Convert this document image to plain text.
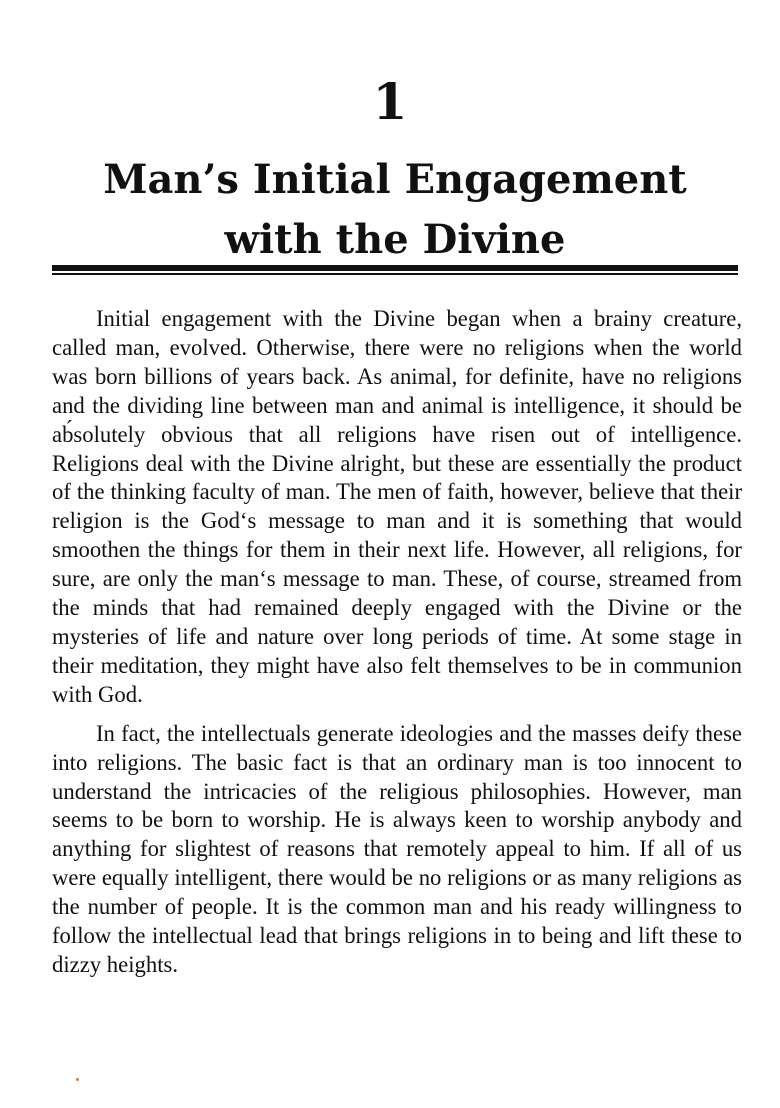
1
Man’s Initial Engagement
with the Divine

Initial engagement with the Divine began when a brainy creature, called man, evolved. Otherwise, there were no religions when the world was born billions of years back. As animal, for definite, have no religions and the dividing line between man and animal is intelligence, it should be ab́solutely obvious that all religions have risen out of intelligence. Religions deal with the Divine alright, but these are essentially the product of the thinking faculty of man. The men of faith, however, believe that their religion is the God‘s message to man and it is something that would smoothen the things for them in their next life. However, all religions, for sure, are only the man‘s message to man. These, of course, streamed from the minds that had remained deeply engaged with the Divine or the mysteries of life and nature over long periods of time. At some stage in their meditation, they might have also felt themselves to be in communion with God.

In fact, the intellectuals generate ideologies and the masses deify these into religions. The basic fact is that an ordinary man is too innocent to understand the intricacies of the religious philosophies. However, man seems to be born to worship. He is always keen to worship anybody and anything for slightest of reasons that remotely appeal to him. If all of us were equally intelligent, there would be no religions or as many religions as the number of people. It is the common man and his ready willingness to follow the intellectual lead that brings religions in to being and lift these to dizzy heights.
